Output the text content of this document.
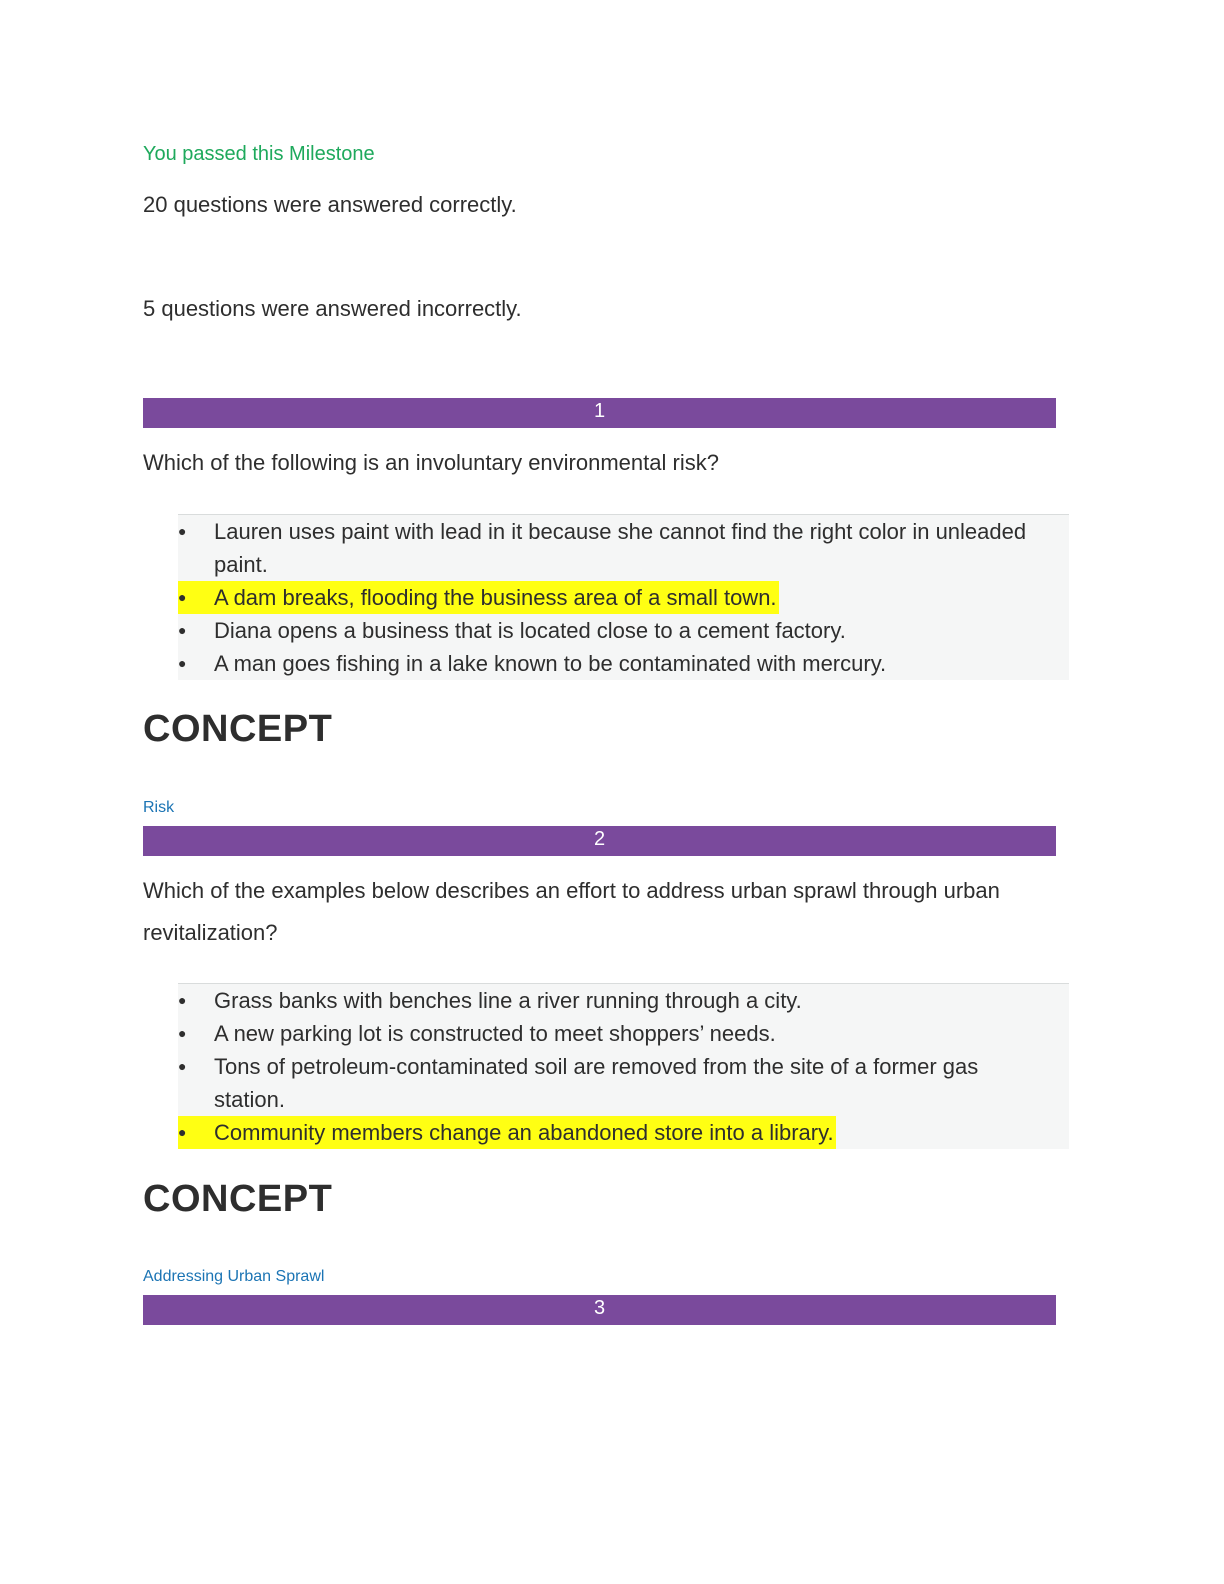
You passed this Milestone
20 questions were answered correctly.
5 questions were answered incorrectly.
1
Which of the following is an involuntary environmental risk?
●	Lauren uses paint with lead in it because she cannot find the right color in unleaded paint.
●	A dam breaks, flooding the business area of a small town.
●	Diana opens a business that is located close to a cement factory.
●	A man goes fishing in a lake known to be contaminated with mercury.
CONCEPT
Risk
2
Which of the examples below describes an effort to address urban sprawl through urban revitalization?
●	Grass banks with benches line a river running through a city.
●	A new parking lot is constructed to meet shoppers’ needs.
●	Tons of petroleum-contaminated soil are removed from the site of a former gas station.
●	Community members change an abandoned store into a library.
CONCEPT
Addressing Urban Sprawl
3
